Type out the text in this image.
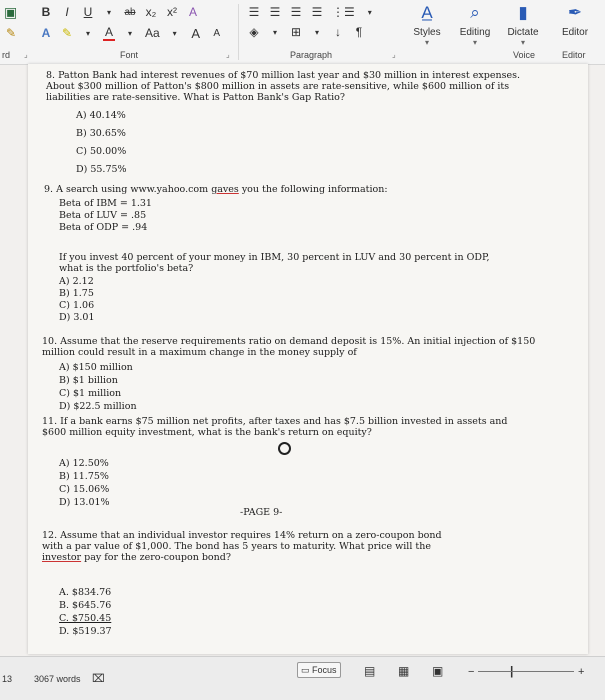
▣
✎
rd ⌟
B	I	U	▾	ab x₂ x² A
A ✎	▾	A	▾	Aa	▾	A A
Font	⌟
☰ ☰ ☰ ☰ ⋮☰	▾
◈	▾	⊞	▾	↓ ¶
Paragraph	⌟
A̲
Styles
▾
⌕
Editing
▾
▮
Dictate
▾
✒
Editor
Voice	Editor
8. Patton Bank had interest revenues of $70 million last year and $30 million in interest expenses. About $300 million of Patton's $800 million in assets are rate-sensitive, while $600 million of its liabilities are rate-sensitive. What is Patton Bank's Gap Ratio?
A) 40.14%
B) 30.65%
C) 50.00%
D) 55.75%
9. A search using www.yahoo.com gaves you the following information:
Beta of IBM = 1.31
Beta of LUV = .85
Beta of ODP = .94
If you invest 40 percent of your money in IBM, 30 percent in LUV and 30 percent in ODP, what is the portfolio's beta?
A) 2.12
B) 1.75
C) 1.06
D) 3.01
10. Assume that the reserve requirements ratio on demand deposit is 15%. An initial injection of $150 million could result in a maximum change in the money supply of
A) $150 million
B) $1 billion
C) $1 million
D) $22.5 million
11. If a bank earns $75 million net profits, after taxes and has $7.5 billion invested in assets and $600 million equity investment, what is the bank's return on equity?
A) 12.50%
B) 11.75%
C) 15.06%
D) 13.01%
-PAGE 9-
12. Assume that an individual investor requires 14% return on a zero-coupon bond with a par value of $1,000. The bond has 5 years to maturity. What price will the investor pay for the zero-coupon bond?
A. $834.76
B. $645.76
C. $750.45
D. $519.37
13 3067 words ⌧
▭ Focus	▤ ▦ ▣ −	+
